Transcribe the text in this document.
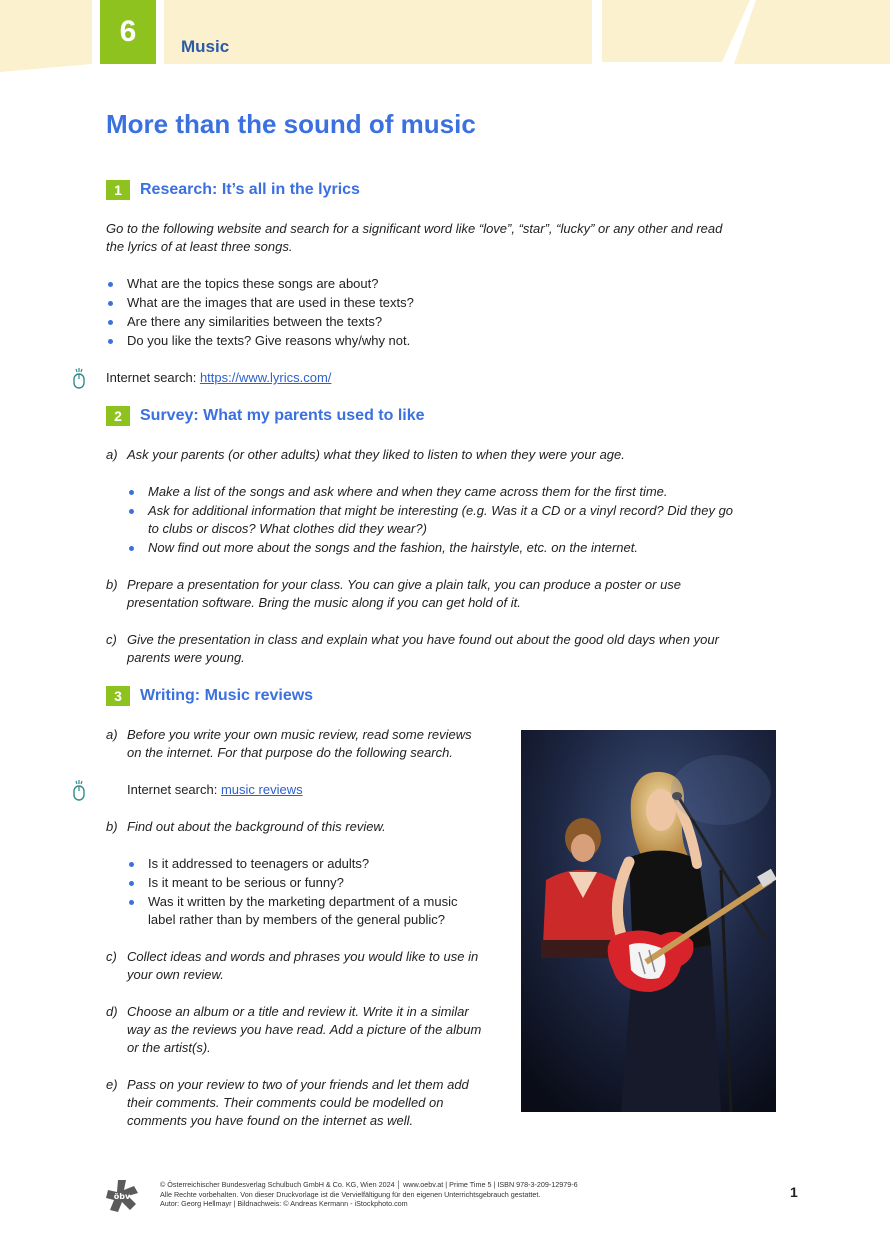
6	Music
More than the sound of music
1	Research: It’s all in the lyrics
Go to the following website and search for a significant word like “love”, “star”, “lucky” or any other and read
the lyrics of at least three songs.
What are the topics these songs are about?
What are the images that are used in these texts?
Are there any similarities between the texts?
Do you like the texts? Give reasons why/why not.
Internet search: https://www.lyrics.com/
2	Survey: What my parents used to like
a) Ask your parents (or other adults) what they liked to listen to when they were your age.
Make a list of the songs and ask where and when they came across them for the first time.
Ask for additional information that might be interesting (e.g. Was it a CD or a vinyl record? Did they go
to clubs or discos? What clothes did they wear?)
Now find out more about the songs and the fashion, the hairstyle, etc. on the internet.
b) Prepare a presentation for your class. You can give a plain talk, you can produce a poster or use
presentation software. Bring the music along if you can get hold of it.
c) Give the presentation in class and explain what you have found out about the good old days when your
parents were young.
3	Writing: Music reviews
a) Before you write your own music review, read some reviews
on the internet. For that purpose do the following search.
Internet search: music reviews
b) Find out about the background of this review.
Is it addressed to teenagers or adults?
Is it meant to be serious or funny?
Was it written by the marketing department of a music
label rather than by members of the general public?
c) Collect ideas and words and phrases you would like to use in
your own review.
d) Choose an album or a title and review it. Write it in a similar
way as the reviews you have read. Add a picture of the album
or the artist(s).
e) Pass on your review to two of your friends and let them add
their comments. Their comments could be modelled on
comments you have found on the internet as well.
öbv
© Österreichischer Bundesverlag Schulbuch GmbH & Co. KG, Wien 2024 │ www.oebv.at | Prime Time 5 | ISBN 978-3-209-12979-6
Alle Rechte vorbehalten. Von dieser Druckvorlage ist die Vervielfältigung für den eigenen Unterrichtsgebrauch gestattet.
Autor: Georg Hellmayr | Bildnachweis: © Andreas Kermann - iStockphoto.com
1
